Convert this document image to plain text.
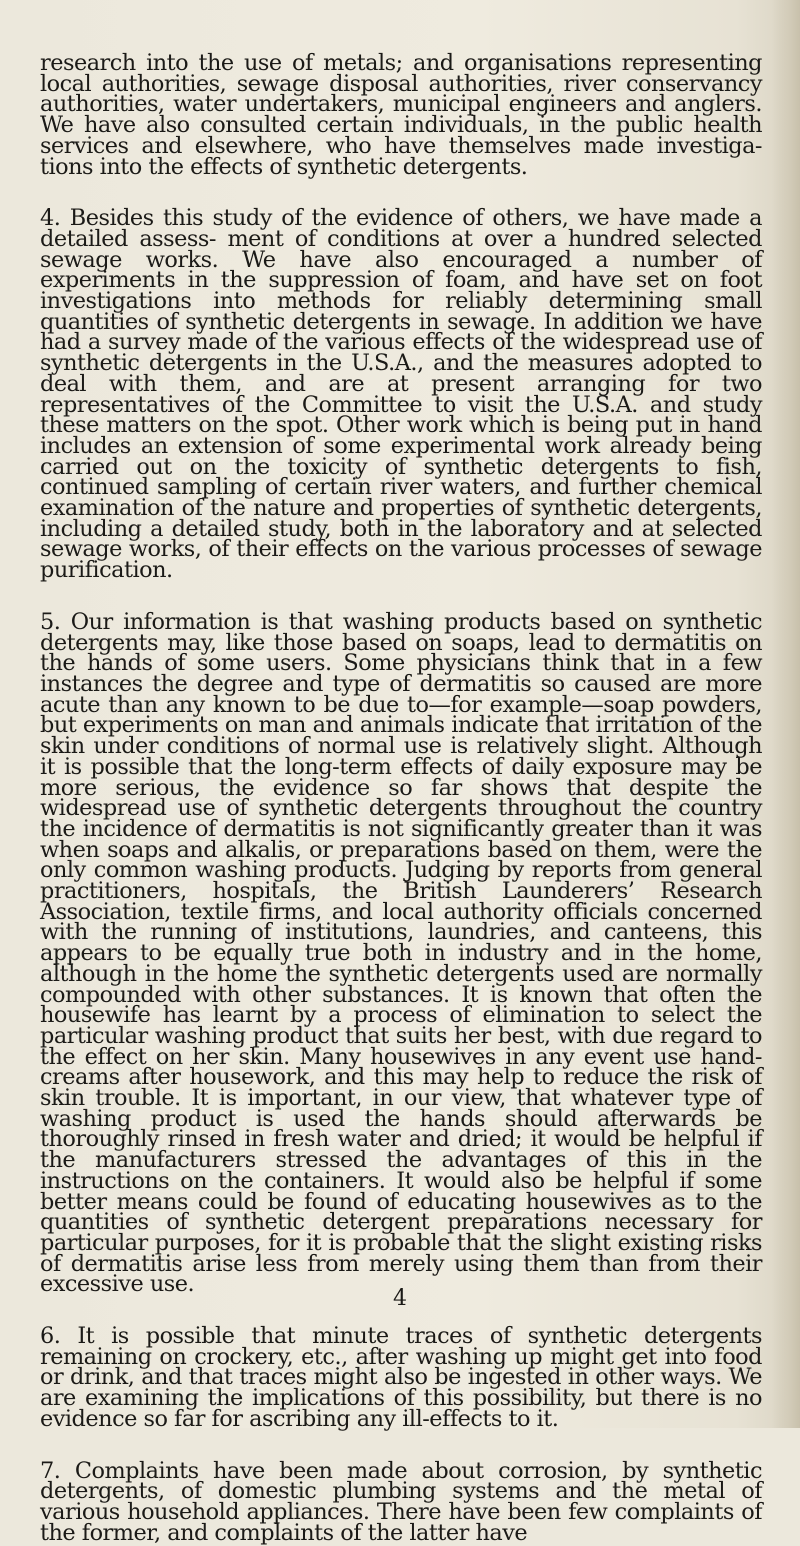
research into the use of metals; and organisations representing local authorities, sewage disposal authorities, river conservancy authorities, water undertakers, municipal engineers and anglers. We have also consulted certain individuals, in the public health services and elsewhere, who have themselves made investiga- tions into the effects of synthetic detergents.

4. Besides this study of the evidence of others, we have made a detailed assess- ment of conditions at over a hundred selected sewage works. We have also encouraged a number of experiments in the suppression of foam, and have set on foot investigations into methods for reliably determining small quantities of synthetic detergents in sewage. In addition we have had a survey made of the various effects of the widespread use of synthetic detergents in the U.S.A., and the measures adopted to deal with them, and are at present arranging for two representatives of the Committee to visit the U.S.A. and study these matters on the spot. Other work which is being put in hand includes an extension of some experimental work already being carried out on the toxicity of synthetic detergents to fish, continued sampling of certain river waters, and further chemical examination of the nature and properties of synthetic detergents, including a detailed study, both in the laboratory and at selected sewage works, of their effects on the various processes of sewage purification.

5. Our information is that washing products based on synthetic detergents may, like those based on soaps, lead to dermatitis on the hands of some users. Some physicians think that in a few instances the degree and type of dermatitis so caused are more acute than any known to be due to—for example—soap powders, but experiments on man and animals indicate that irritation of the skin under conditions of normal use is relatively slight. Although it is possible that the long-term effects of daily exposure may be more serious, the evidence so far shows that despite the widespread use of synthetic detergents throughout the country the incidence of dermatitis is not significantly greater than it was when soaps and alkalis, or preparations based on them, were the only common washing products. Judging by reports from general practitioners, hospitals, the British Launderers’ Research Association, textile firms, and local authority officials concerned with the running of institutions, laundries, and canteens, this appears to be equally true both in industry and in the home, although in the home the synthetic detergents used are normally compounded with other substances. It is known that often the housewife has learnt by a process of elimination to select the particular washing product that suits her best, with due regard to the effect on her skin. Many housewives in any event use hand- creams after housework, and this may help to reduce the risk of skin trouble. It is important, in our view, that whatever type of washing product is used the hands should afterwards be thoroughly rinsed in fresh water and dried; it would be helpful if the manufacturers stressed the advantages of this in the instructions on the containers. It would also be helpful if some better means could be found of educating housewives as to the quantities of synthetic detergent preparations necessary for particular purposes, for it is probable that the slight existing risks of dermatitis arise less from merely using them than from their excessive use.

6. It is possible that minute traces of synthetic detergents remaining on crockery, etc., after washing up might get into food or drink, and that traces might also be ingested in other ways. We are examining the implications of this possibility, but there is no evidence so far for ascribing any ill-effects to it.

7. Complaints have been made about corrosion, by synthetic detergents, of domestic plumbing systems and the metal of various household appliances. There have been few complaints of the former, and complaints of the latter have

4
